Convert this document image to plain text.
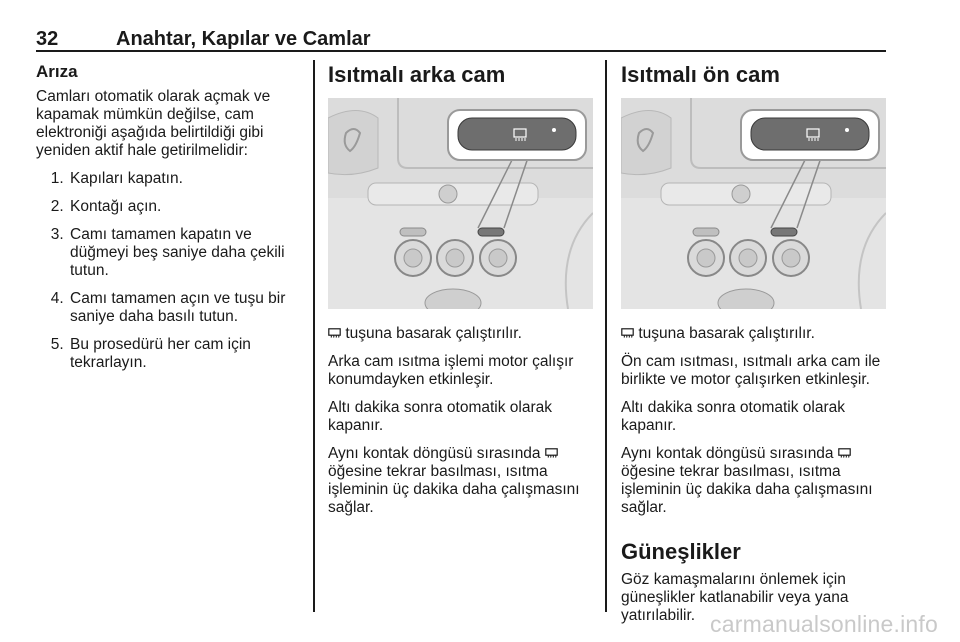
32	Anahtar, Kapılar ve Camlar
Arıza

Camları otomatik olarak açmak ve kapamak mümkün değilse, cam elektroniği aşağıda belirtildiği gibi yeniden aktif hale getirilmelidir:

1. Kapıları kapatın.
2. Kontağı açın.
3. Camı tamamen kapatın ve düğmeyi beş saniye daha çekili tutun.
4. Camı tamamen açın ve tuşu bir saniye daha basılı tutun.
5. Bu prosedürü her cam için tekrarlayın.
Isıtmalı arka cam

tuşuna basarak çalıştırılır.

Arka cam ısıtma işlemi motor çalışır konumdayken etkinleşir.

Altı dakika sonra otomatik olarak kapanır.

Aynı kontak döngüsü sırasında  öğesine tekrar basılması, ısıtma işleminin üç dakika daha çalışmasını sağlar.

Isıtmalı ön cam

tuşuna basarak çalıştırılır.

Ön cam ısıtması, ısıtmalı arka cam ile birlikte ve motor çalışırken etkinleşir.

Altı dakika sonra otomatik olarak kapanır.

Aynı kontak döngüsü sırasında  öğesine tekrar basılması, ısıtma işleminin üç dakika daha çalışmasını sağlar.

Güneşlikler

Göz kamaşmalarını önlemek için güneşlikler katlanabilir veya yana yatırılabilir. carmanualsonline.info
